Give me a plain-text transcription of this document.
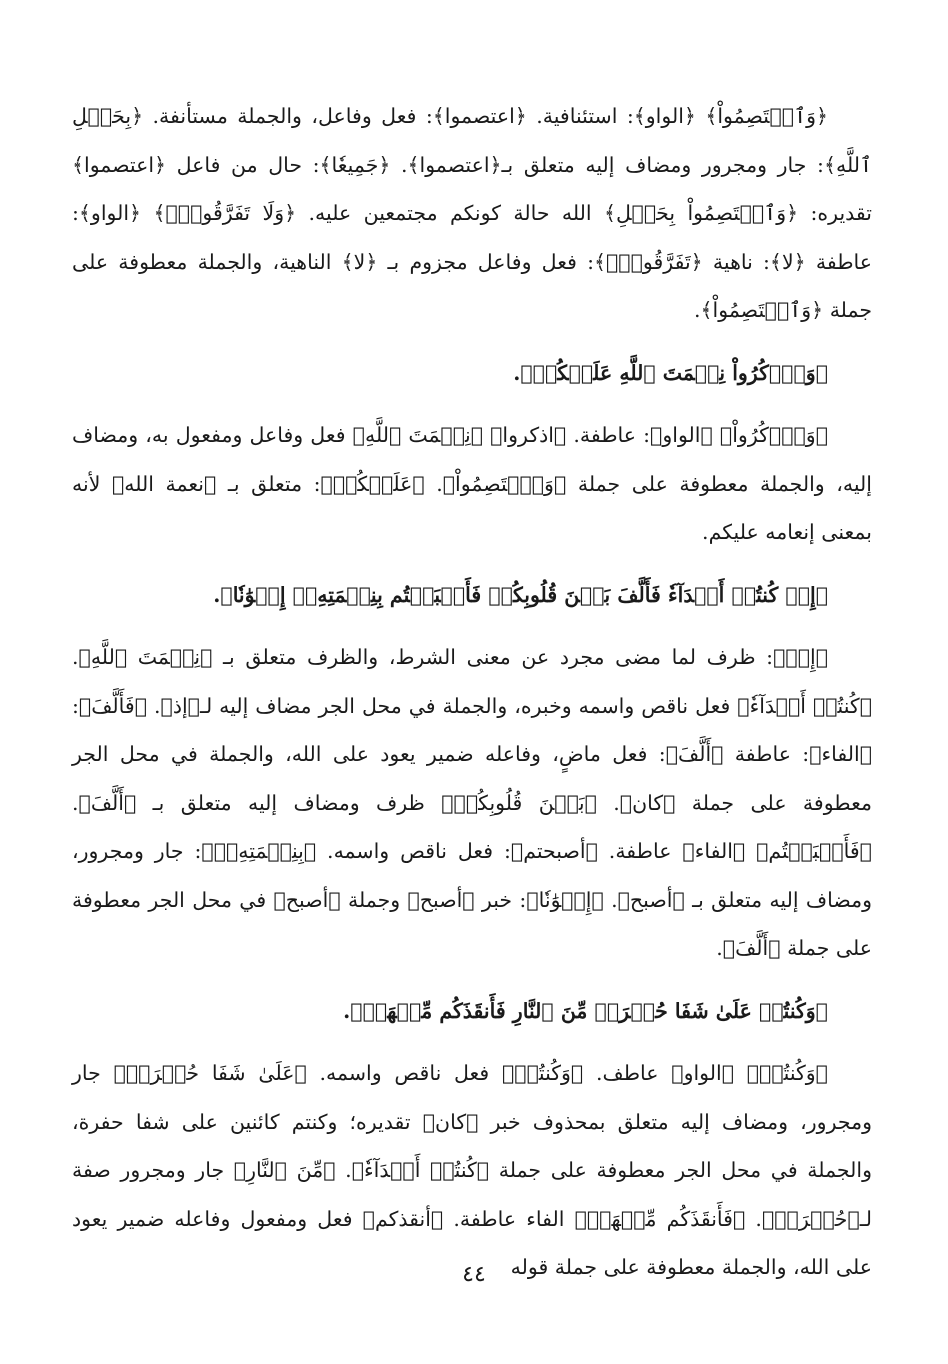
﴿وَٱعۡتَصِمُواْ﴾ ﴿الواو﴾: استئنافية. ﴿اعتصموا﴾: فعل وفاعل، والجملة مستأنفة. ﴿بِحَبۡلِ ٱللَّهِ﴾: جار ومجرور ومضاف إليه متعلق بـ﴿اعتصموا﴾. ﴿جَمِيعٗا﴾: حال من فاعل ﴿اعتصموا﴾ تقديره: ﴿وَٱعۡتَصِمُواْ بِحَبۡلِ﴾ الله حالة كونكم مجتمعين عليه. ﴿وَلَا تَفَرَّقُواْۚ﴾ ﴿الواو﴾: عاطفة ﴿لا﴾: ناهية ﴿تَفَرَّقُواْۚ﴾: فعل وفاعل مجزوم بـ ﴿لا﴾ الناهية، والجملة معطوفة على جملة ﴿وَٱعۡتَصِمُواْ﴾.

﴿وَٱذۡكُرُواْ نِعۡمَتَ ٱللَّهِ عَلَيۡكُمۡ﴾.

﴿وَٱذۡكُرُواْ﴾ ﴿الواو﴾: عاطفة. ﴿اذكروا﴾ ﴿نِعۡمَتَ ٱللَّهِ﴾ فعل وفاعل ومفعول به، ومضاف إليه، والجملة معطوفة على جملة ﴿وَٱعۡتَصِمُواْ﴾. ﴿عَلَيۡكُمۡ﴾: متعلق بـ ﴿نعمة الله﴾ لأنه بمعنى إنعامه عليكم.

﴿إِذۡ كُنتُمۡ أَعۡدَآءٗ فَأَلَّفَ بَيۡنَ قُلُوبِكُمۡ فَأَصۡبَحۡتُم بِنِعۡمَتِهِۦٓ إِخۡوَٰنٗا﴾.

﴿إِذۡ﴾: ظرف لما مضى مجرد عن معنى الشرط، والظرف متعلق بـ ﴿نِعۡمَتَ ٱللَّهِ﴾. ﴿كُنتُمۡ أَعۡدَآءٗ﴾ فعل ناقص واسمه وخبره، والجملة في محل الجر مضاف إليه لـ﴿إذ﴾. ﴿فَأَلَّفَ﴾: ﴿الفاء﴾: عاطفة ﴿أَلَّفَ﴾: فعل ماضٍ، وفاعله ضمير يعود على الله، والجملة في محل الجر معطوفة على جملة ﴿كان﴾. ﴿بَيۡنَ قُلُوبِكُمۡ﴾ ظرف ومضاف إليه متعلق بـ ﴿أَلَّفَ﴾. ﴿فَأَصۡبَحۡتُم﴾ ﴿الفاء﴾ عاطفة. ﴿أصبحتم﴾: فعل ناقص واسمه. ﴿بِنِعۡمَتِهِۦٓ﴾: جار ومجرور، ومضاف إليه متعلق بـ ﴿أصبح﴾. ﴿إِخۡوَٰنٗا﴾: خبر ﴿أصبح﴾ وجملة ﴿أصبح﴾ في محل الجر معطوفة على جملة ﴿أَلَّفَ﴾.

﴿وَكُنتُمۡ عَلَىٰ شَفَا حُفۡرَةٖ مِّنَ ٱلنَّارِ فَأَنقَذَكُم مِّنۡهَاۗ﴾.

﴿وَكُنتُمۡ﴾ ﴿الواو﴾ عاطف. ﴿وَكُنتُمۡ﴾ فعل ناقص واسمه. ﴿عَلَىٰ شَفَا حُفۡرَةٖ﴾ جار ومجرور، ومضاف إليه متعلق بمحذوف خبر ﴿كان﴾ تقديره؛ وكنتم كائنين على شفا حفرة، والجملة في محل الجر معطوفة على جملة ﴿كُنتُمۡ أَعۡدَآءٗ﴾. ﴿مِّنَ ٱلنَّارِ﴾ جار ومجرور صفة لـ﴿حُفۡرَةٖ﴾. ﴿فَأَنقَذَكُم مِّنۡهَاۗ﴾ الفاء عاطفة. ﴿أنقذكم﴾ فعل ومفعول وفاعله ضمير يعود على الله، والجملة معطوفة على جملة قوله

٤٤
